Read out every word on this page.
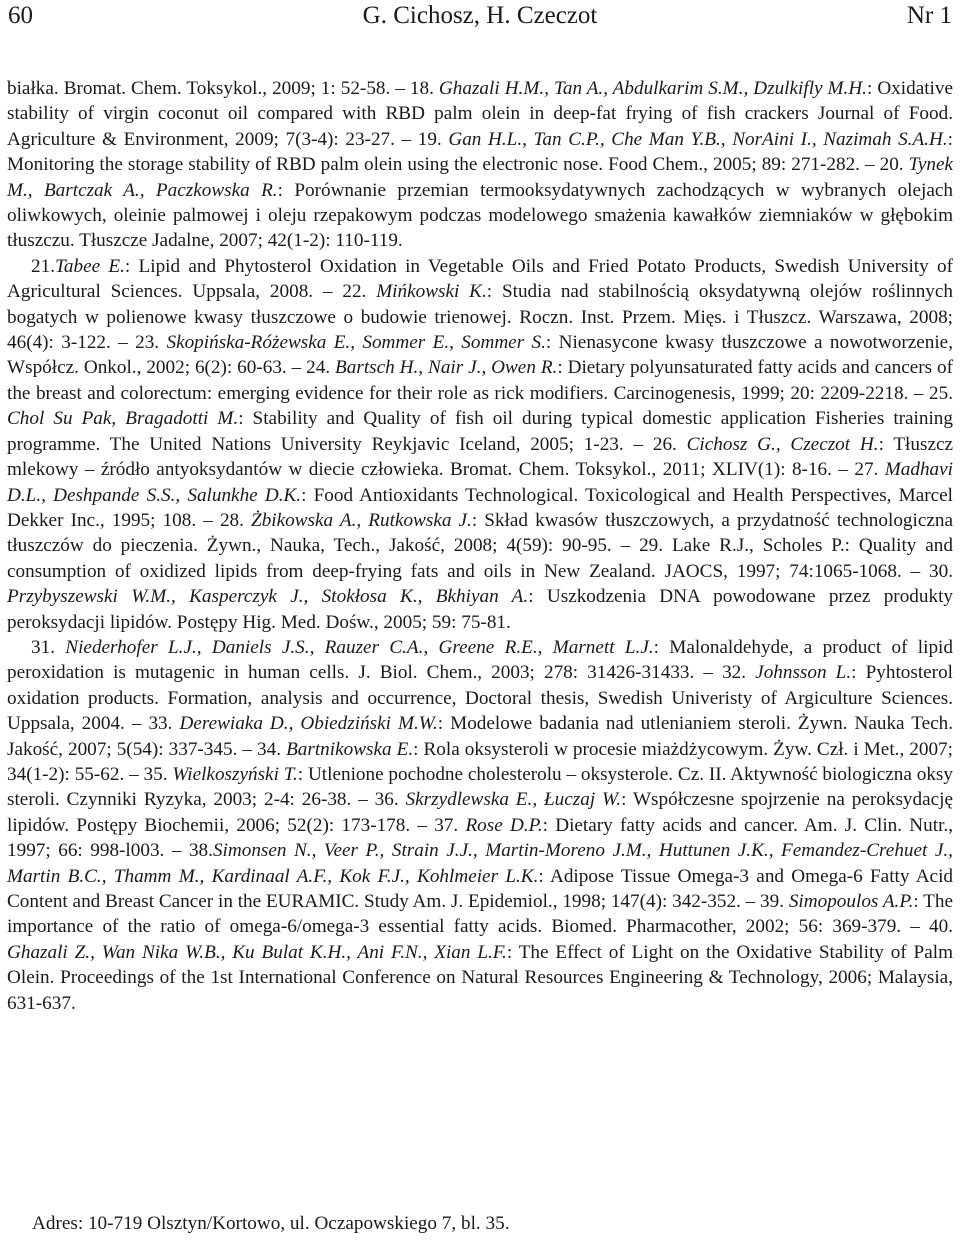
60	G. Cichosz, H. Czeczot	Nr 1

białka. Bromat. Chem. Toksykol., 2009; 1: 52-58. – 18. Ghazali H.M., Tan A., Abdulkarim S.M., Dzulkifly M.H.: Oxidative stability of virgin coconut oil compared with RBD palm olein in deep-fat frying of fish crackers Journal of Food. Agriculture & Environment, 2009; 7(3-4): 23-27. – 19. Gan H.L., Tan C.P., Che Man Y.B., NorAini I., Nazimah S.A.H.: Monitoring the storage stability of RBD palm olein using the electronic nose. Food Chem., 2005; 89: 271-282. – 20. Tynek M., Bartczak A., Paczkowska R.: Porównanie przemian termooksydatywnych zachodzących w wybranych olejach oliwkowych, oleinie palmowej i oleju rzepakowym podczas modelowego smażenia kawałków ziemniaków w głębokim tłuszczu. Tłuszcze Jadalne, 2007; 42(1-2): 110-119.

21.Tabee E.: Lipid and Phytosterol Oxidation in Vegetable Oils and Fried Potato Products, Swedish University of Agricultural Sciences. Uppsala, 2008. – 22. Mińkowski K.: Studia nad stabilnością oksydatywną olejów roślinnych bogatych w polienowe kwasy tłuszczowe o budowie trienowej. Roczn. Inst. Przem. Mięs. i Tłuszcz. Warszawa, 2008; 46(4): 3-122. – 23. Skopińska-Różewska E., Sommer E., Sommer S.: Nienasycone kwasy tłuszczowe a nowotworzenie, Współcz. Onkol., 2002; 6(2): 60-63. – 24. Bartsch H., Nair J., Owen R.: Dietary polyunsaturated fatty acids and cancers of the breast and colorectum: emerging evidence for their role as rick modifiers. Carcinogenesis, 1999; 20: 2209-2218. – 25. Chol Su Pak, Bragadotti M.: Stability and Quality of fish oil during typical domestic application Fisheries training programme. The United Nations University Reykjavic Iceland, 2005; 1-23. – 26. Cichosz G., Czeczot H.: Tłuszcz mlekowy – źródło antyoksydantów w diecie człowieka. Bromat. Chem. Toksykol., 2011; XLIV(1): 8-16. – 27. Madhavi D.L., Deshpande S.S., Salunkhe D.K.: Food Antioxidants Technological. Toxicological and Health Perspectives, Marcel Dekker Inc., 1995; 108. – 28. Żbikowska A., Rutkowska J.: Skład kwasów tłuszczowych, a przydatność technologiczna tłuszczów do pieczenia. Żywn., Nauka, Tech., Jakość, 2008; 4(59): 90-95. – 29. Lake R.J., Scholes P.: Quality and consumption of oxidized lipids from deep-frying fats and oils in New Zealand. JAOCS, 1997; 74:1065-1068. – 30. Przybyszewski W.M., Kasperczyk J., Stokłosa K., Bkhiyan A.: Uszkodzenia DNA powodowane przez produkty peroksydacji lipidów. Postępy Hig. Med. Dośw., 2005; 59: 75-81.

31. Niederhofer L.J., Daniels J.S., Rauzer C.A., Greene R.E., Marnett L.J.: Malonaldehyde, a product of lipid peroxidation is mutagenic in human cells. J. Biol. Chem., 2003; 278: 31426-31433. – 32. Johnsson L.: Pyhtosterol oxidation products. Formation, analysis and occurrence, Doctoral thesis, Swedish Univeristy of Argiculture Sciences. Uppsala, 2004. – 33. Derewiaka D., Obiedziński M.W.: Modelowe badania nad utlenianiem steroli. Żywn. Nauka Tech. Jakość, 2007; 5(54): 337-345. – 34. Bartnikowska E.: Rola oksysteroli w procesie miażdżycowym. Żyw. Czł. i Met., 2007; 34(1-2): 55-62. – 35. Wielkoszyński T.: Utlenione pochodne cholesterolu – oksysterole. Cz. II. Aktywność biologiczna oksy steroli. Czynniki Ryzyka, 2003; 2-4: 26-38. – 36. Skrzydlewska E., Łuczaj W.: Współczesne spojrzenie na peroksydację lipidów. Postępy Biochemii, 2006; 52(2): 173-178. – 37. Rose D.P.: Dietary fatty acids and cancer. Am. J. Clin. Nutr., 1997; 66: 998-l003. – 38.Simonsen N., Veer P., Strain J.J., Martin-Moreno J.M., Huttunen J.K., Femandez-Crehuet J., Martin B.C., Thamm M., Kardinaal A.F., Kok F.J., Kohlmeier L.K.: Adipose Tissue Omega-3 and Omega-6 Fatty Acid Content and Breast Cancer in the EURAMIC. Study Am. J. Epidemiol., 1998; 147(4): 342-352. – 39. Simopoulos A.P.: The importance of the ratio of omega-6/omega-3 essential fatty acids. Biomed. Pharmacother, 2002; 56: 369-379. – 40. Ghazali Z., Wan Nika W.B., Ku Bulat K.H., Ani F.N., Xian L.F.: The Effect of Light on the Oxidative Stability of Palm Olein. Proceedings of the 1st International Conference on Natural Resources Engineering & Technology, 2006; Malaysia, 631-637.

Adres: 10-719 Olsztyn/Kortowo, ul. Oczapowskiego 7, bl. 35.
